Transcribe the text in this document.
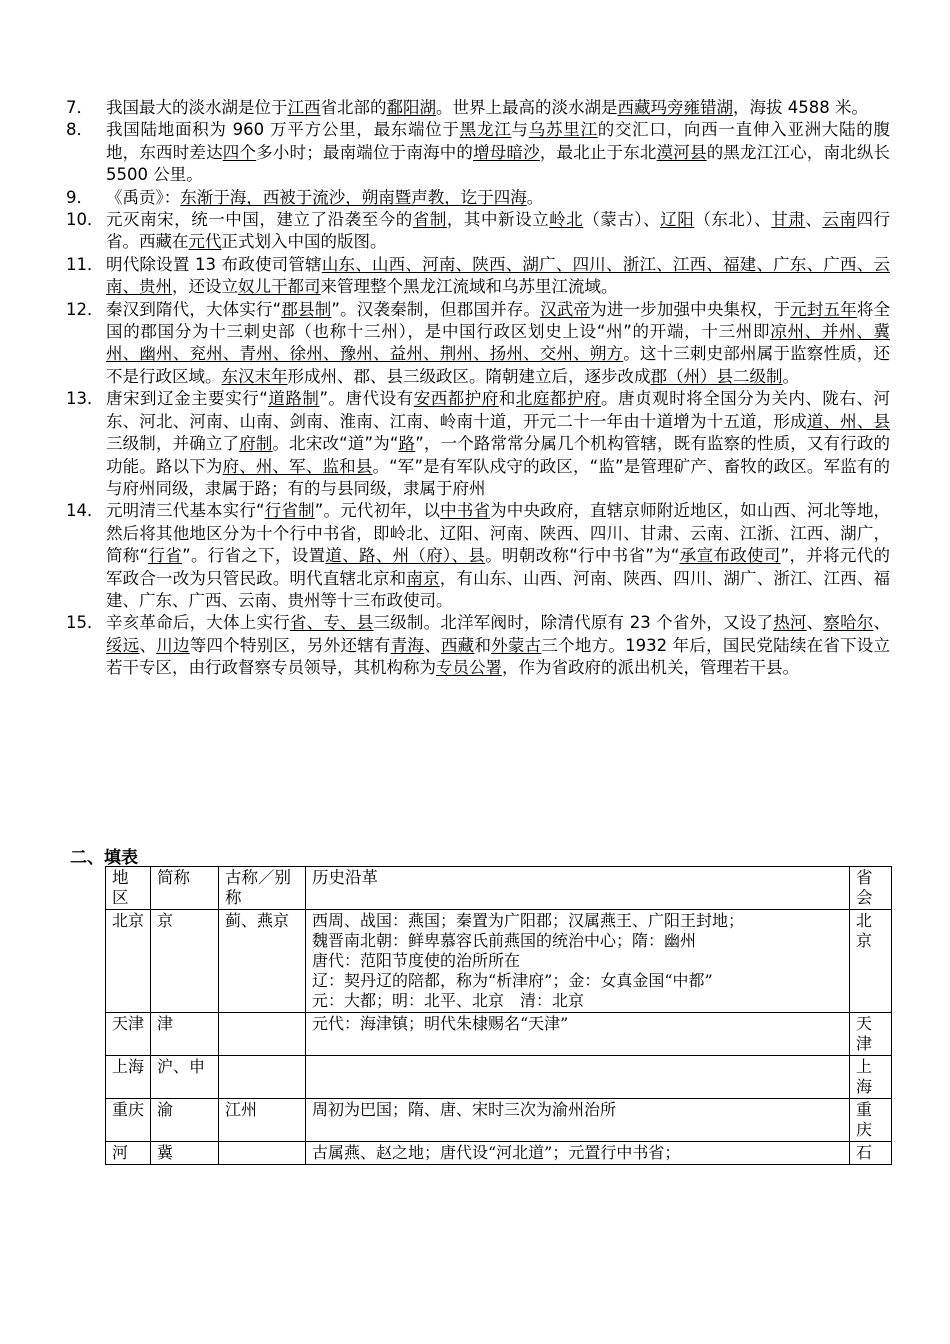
7． 我国最大的淡水湖是位于江西省北部的鄱阳湖。世界上最高的淡水湖是西藏玛旁雍错湖，海拔 4588 米。
8． 我国陆地面积为 960 万平方公里，最东端位于黑龙江与乌苏里江的交汇口，向西一直伸入亚洲大陆的腹地，东西时差达四个多小时；最南端位于南海中的增母暗沙，最北止于东北漠河县的黑龙江江心，南北纵长 5500 公里。
9． 《禹贡》：东渐于海，西被于流沙，朔南暨声教，讫于四海。
10． 元灭南宋，统一中国，建立了沿袭至今的省制，其中新设立岭北（蒙古）、辽阳（东北）、甘肃、云南四行省。西藏在元代正式划入中国的版图。
11． 明代除设置 13 布政使司管辖山东、山西、河南、陕西、湖广、四川、浙江、江西、福建、广东、广西、云南、贵州，还设立奴儿干都司来管理整个黑龙江流域和乌苏里江流域。
12． 秦汉到隋代，大体实行“郡县制”。汉袭秦制，但郡国并存。汉武帝为进一步加强中央集权，于元封五年将全国的郡国分为十三刺史部（也称十三州），是中国行政区划史上设“州”的开端，十三州即凉州、并州、冀州、幽州、兖州、青州、徐州、豫州、益州、荆州、扬州、交州、朔方。这十三刺史部州属于监察性质，还不是行政区域。东汉末年形成州、郡、县三级政区。隋朝建立后，逐步改成郡（州）县二级制。
13． 唐宋到辽金主要实行“道路制”。唐代设有安西都护府和北庭都护府。唐贞观时将全国分为关内、陇右、河东、河北、河南、山南、剑南、淮南、江南、岭南十道，开元二十一年由十道增为十五道，形成道、州、县三级制，并确立了府制。北宋改“道”为“路”，一个路常常分属几个机构管辖，既有监察的性质，又有行政的功能。路以下为府、州、军、监和县。“军”是有军队戍守的政区，“监”是管理矿产、畜牧的政区。军监有的与府州同级，隶属于路；有的与县同级，隶属于府州
14． 元明清三代基本实行“行省制”。元代初年，以中书省为中央政府，直辖京师附近地区，如山西、河北等地，然后将其他地区分为十个行中书省，即岭北、辽阳、河南、陕西、四川、甘肃、云南、江浙、江西、湖广，简称“行省”。行省之下，设置道、路、州（府）、县。明朝改称“行中书省”为“承宣布政使司”，并将元代的军政合一改为只管民政。明代直辖北京和南京，有山东、山西、河南、陕西、四川、湖广、浙江、江西、福建、广东、广西、云南、贵州等十三布政使司。
15． 辛亥革命后，大体上实行省、专、县三级制。北洋军阀时，除清代原有 23 个省外，又设了热河、察哈尔、绥远、川边等四个特别区，另外还辖有青海、西藏和外蒙古三个地方。1932 年后，国民党陆续在省下设立若干专区，由行政督察专员领导，其机构称为专员公署，作为省政府的派出机关，管理若干县。
二、填表
地区	简称	古称／别称	历史沿革	省会
北京	京	蓟、燕京	西周、战国：燕国；秦置为广阳郡；汉属燕王、广阳王封地；
魏晋南北朝：鲜卑慕容氏前燕国的统治中心；隋：幽州
唐代：范阳节度使的治所所在
辽：契丹辽的陪都，称为“析津府”；金：女真金国“中都”
元：大都；明：北平、北京　清：北京	北京
天津	津		元代：海津镇；明代朱棣赐名“天津”	天津
上海	沪、申			上海
重庆	渝	江州	周初为巴国；隋、唐、宋时三次为渝州治所	重庆
河	冀		古属燕、赵之地；唐代设“河北道”；元置行中书省；	石
